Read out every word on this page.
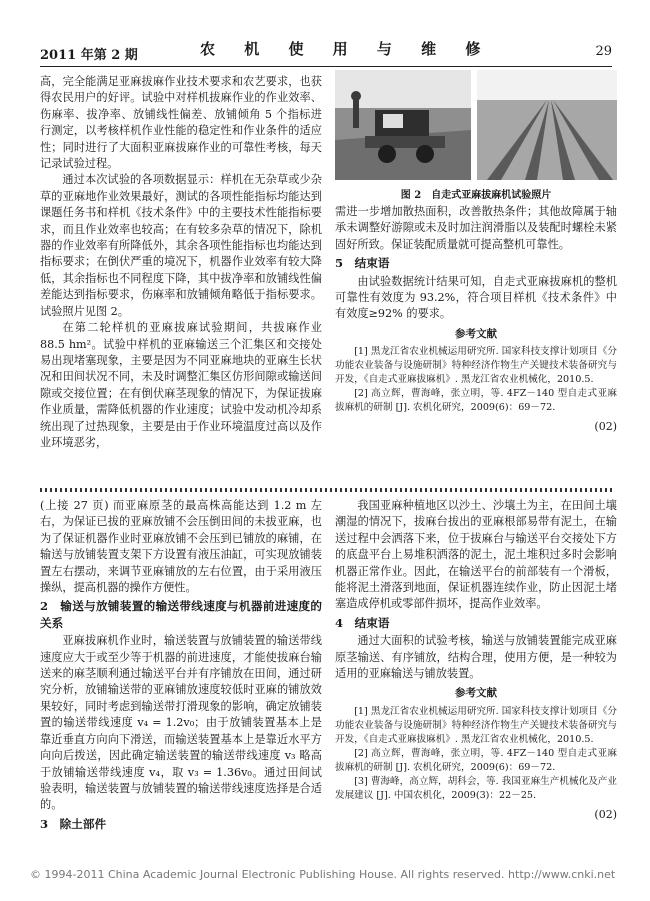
2011 年第 2 期	农 机 使 用 与 维 修	29

高，完全能满足亚麻拔麻作业技术要求和农艺要求，也获得农民用户的好评。试验中对样机拔麻作业的作业效率、伤麻率、拔净率、放铺线性偏差、放铺倾角 5 个指标进行测定，以考核样机作业性能的稳定性和作业条件的适应性；同时进行了大面积亚麻拔麻作业的可靠性考核，每天记录试验过程。

通过本次试验的各项数据显示：样机在无杂草或少杂草的亚麻地作业效果最好，测试的各项性能指标均能达到课题任务书和样机《技术条件》中的主要技术性能指标要求，而且作业效率也较高；在有较多杂草的情况下，除机器的作业效率有所降低外，其余各项性能指标也均能达到指标要求；在倒伏严重的境况下，机器作业效率有较大降低，其余指标也不同程度下降，其中拔净率和放铺线性偏差能达到指标要求，伤麻率和放铺倾角略低于指标要求。试验照片见图 2。

在第二轮样机的亚麻拔麻试验期间，共拔麻作业 88.5 hm²。试验中样机的亚麻输送三个汇集区和交接处易出现堵塞现象，主要是因为不同亚麻地块的亚麻生长状况和田间状况不同，未及时调整汇集区仿形间隙或输送间隙或交接位置；在有倒伏麻茎现象的情况下，为保证拔麻作业质量，需降低机器的作业速度；试验中发动机冷却系统出现了过热现象，主要是由于作业环境温度过高以及作业环境恶劣，

图 2　自走式亚麻拔麻机试验照片

需进一步增加散热面积，改善散热条件；其他故障属于轴承未调整好游隙或未及时加注润滑脂以及装配时螺栓未紧固好所致。保证装配质量就可提高整机可靠性。

5　结束语

由试验数据统计结果可知，自走式亚麻拔麻机的整机可靠性有效度为 93.2%，符合项目样机《技术条件》中有效度≥92% 的要求。

参考文献

[1] 黑龙江省农业机械运用研究所. 国家科技支撑计划项目《分功能农业装备与设施研制》特种经济作物生产关键技术装备研究与开发，《自走式亚麻拔麻机》. 黑龙江省农业机械化，2010.5.

[2] 高立辉，曹海峰，张立明，等. 4FZ－140 型自走式亚麻拔麻机的研制 [J]. 农机化研究，2009(6)：69－72.

(02)

(上接 27 页) 而亚麻原茎的最高株高能达到 1.2 m 左右，为保证已拔的亚麻放铺不会压倒田间的未拔亚麻，也为了保证机器作业时亚麻放铺不会压到已铺放的麻铺，在输送与放铺装置支架下方设置有液压油缸，可实现放铺装置左右摆动，来调节亚麻铺放的左右位置，由于采用液压操纵，提高机器的操作方便性。

2　输送与放铺装置的输送带线速度与机器前进速度的关系

亚麻拔麻机作业时，输送装置与放铺装置的输送带线速度应大于或至少等于机器的前进速度，才能使拔麻台输送来的麻茎顺利通过输送平台并有序铺放在田间，通过研究分析，放铺输送带的亚麻铺放速度较低时亚麻的铺放效果较好，同时考虑到输送带打滑现象的影响，确定放铺装置的输送带线速度 v₄ = 1.2v₀；由于放铺装置基本上是靠近垂直方向向下滑送，而输送装置基本上是靠近水平方向向后拨送，因此确定输送装置的输送带线速度 v₃ 略高于放铺输送带线速度 v₄，取 v₃ = 1.36v₀。通过田间试验表明，输送装置与放铺装置的输送带线速度选择是合适的。

3　除土部件

我国亚麻种植地区以沙土、沙壤土为主，在田间土壤潮湿的情况下，拔麻台拔出的亚麻根部易带有泥土，在输送过程中会洒落下来，位于拔麻台与输送平台交接处下方的底盘平台上易堆积洒落的泥土，泥土堆积过多时会影响机器正常作业。因此，在输送平台的前部装有一个滑板，能将泥土滑落到地面，保证机器连续作业，防止因泥土堵塞造成停机或零部件损坏，提高作业效率。

4　结束语

通过大面积的试验考核，输送与放铺装置能完成亚麻原茎输送、有序铺放，结构合理，使用方便，是一种较为适用的亚麻输送与铺放装置。

参考文献

[1] 黑龙江省农业机械运用研究所. 国家科技支撑计划项目《分功能农业装备与设施研制》特种经济作物生产关键技术装备研究与开发，《自走式亚麻拔麻机》. 黑龙江省农业机械化，2010.5.

[2] 高立辉，曹海峰，张立明，等. 4FZ－140 型自走式亚麻拔麻机的研制 [J]. 农机化研究，2009(6)：69－72.

[3] 曹海峰，高立辉，胡科会，等. 我国亚麻生产机械化及产业发展建议 [J]. 中国农机化，2009(3)：22－25.

(02)
© 1994-2011 China Academic Journal Electronic Publishing House. All rights reserved. http://www.cnki.net
